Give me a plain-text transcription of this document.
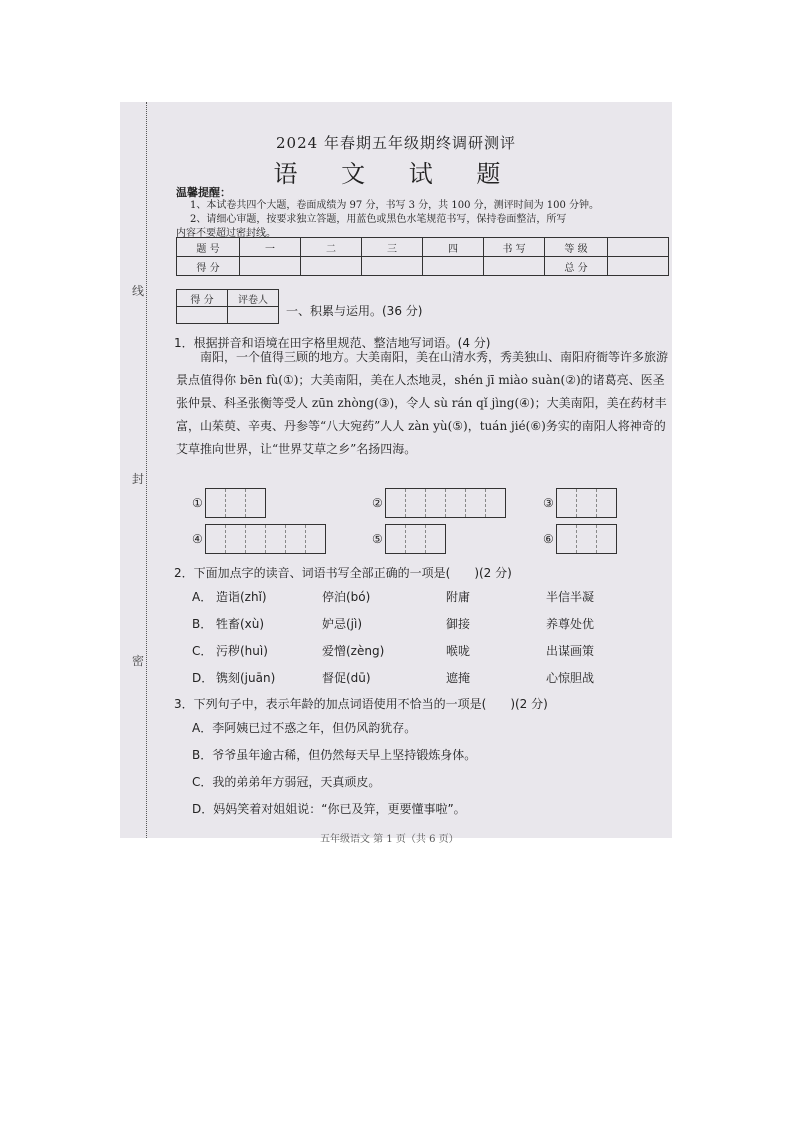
线
封
密
2024 年春期五年级期终调研测评
语 文 试 题
温馨提醒：
1、本试卷共四个大题，卷面成绩为 97 分，书写 3 分，共 100 分，测评时间为 100 分钟。
2、请细心审题，按要求独立答题，用蓝色或黑色水笔规范书写，保持卷面整洁，所写
内容不要超过密封线。
题 号	一	二	三	四	书 写	等 级	
得 分						总 分	
得 分	评卷人

一、积累与运用。(36 分)
1．根据拼音和语境在田字格里规范、整洁地写词语。(4 分)
南阳，一个值得三顾的地方。大美南阳，美在山清水秀，秀美独山、南阳府衙等许多旅游景点值得你 bēn fù(①)；大美南阳，美在人杰地灵，shén jī miào suàn(②)的诸葛亮、医圣张仲景、科圣张衡等受人 zūn zhòng(③)，令人 sù rán qǐ jìng(④)；大美南阳，美在药材丰富，山茱萸、辛夷、丹参等“八大宛药”人人 zàn yù(⑤)，tuán jié(⑥)务实的南阳人将神奇的艾草推向世界，让“世界艾草之乡”名扬四海。
①	②	③
④	⑤	⑥
2．下面加点字的读音、词语书写全部正确的一项是(　　)(2 分)
A． 造诣(zhǐ)	停泊(bó)	附庸	半信半凝
B． 牲畜(xù)	妒忌(jì)	御接	养尊处优
C． 污秽(huì)	爱憎(zèng)	喉咙	出谋画策
D． 镌刻(juān)	督促(dū)	遮掩	心惊胆战
3．下列句子中，表示年龄的加点词语使用不恰当的一项是(　　)(2 分)
A．李阿姨已过不惑之年，但仍风韵犹存。
B．爷爷虽年逾古稀，但仍然每天早上坚持锻炼身体。
C．我的弟弟年方弱冠，天真顽皮。
D．妈妈笑着对姐姐说：“你已及笄，更要懂事啦”。
五年级语文 第 1 页（共 6 页）
